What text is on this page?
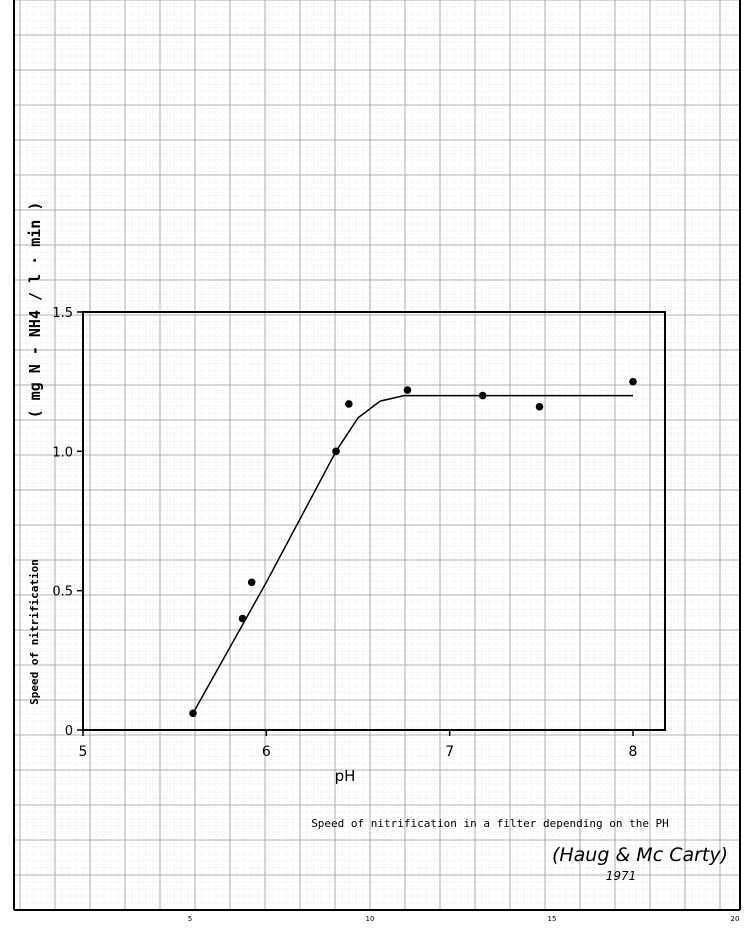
5	6	7	8
0
0.5
1.0
1.5
( mg N - NH4 / l · min )
Speed of nitrification
pH
Speed of nitrification in a filter depending on the PH
(Haug & Mc Carty)
1971
5	10	15	20
